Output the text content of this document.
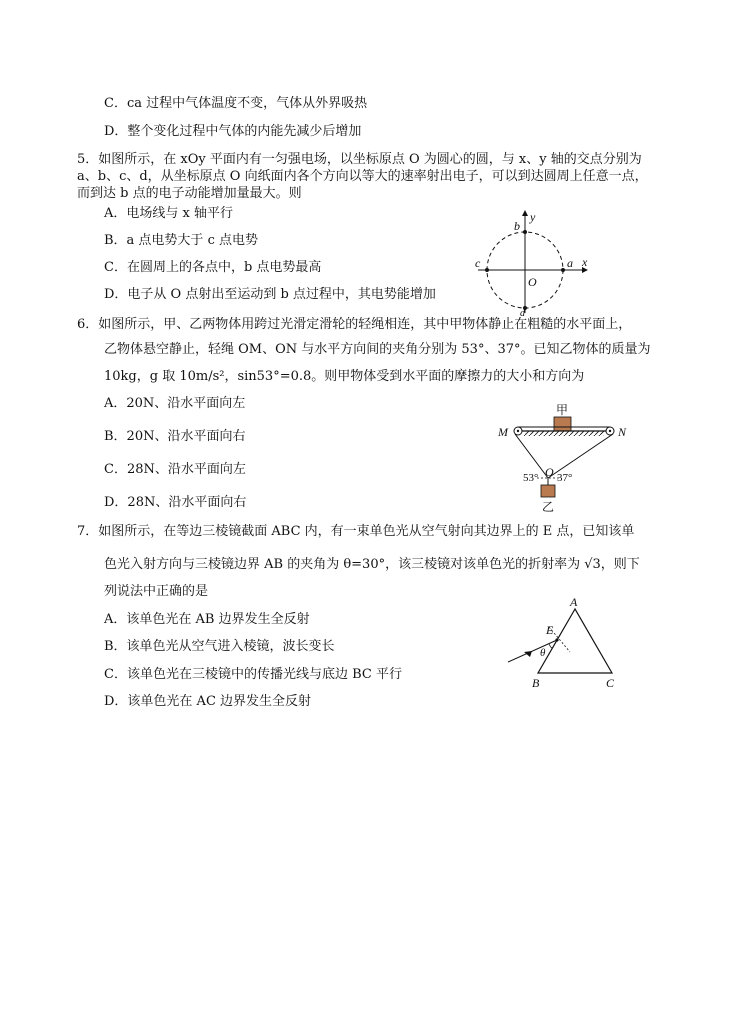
C．ca 过程中气体温度不变，气体从外界吸热
D．整个变化过程中气体的内能先减少后增加
5．如图所示，在 xOy 平面内有一匀强电场，以坐标原点 O 为圆心的圆，与 x、y 轴的交点分别为
a、b、c、d，从坐标原点 O 向纸面内各个方向以等大的速率射出电子，可以到达圆周上任意一点，
而到达 b 点的电子动能增加量最大。则
A．电场线与 x 轴平行
B．a 点电势大于 c 点电势
C．在圆周上的各点中，b 点电势最高
D．电子从 O 点射出至运动到 b 点过程中，其电势能增加
b
y
c	a x
O
d
6．如图所示，甲、乙两物体用跨过光滑定滑轮的轻绳相连，其中甲物体静止在粗糙的水平面上，
乙物体悬空静止，轻绳 OM、ON 与水平方向间的夹角分别为 53°、37°。已知乙物体的质量为
10kg，g 取 10m/s²，sin53°=0.8。则甲物体受到水平面的摩擦力的大小和方向为
A．20N、沿水平面向左
B．20N、沿水平面向右
C．28N、沿水平面向左
D．28N、沿水平面向右
甲
M	N
53° O 37°
乙
7．如图所示，在等边三棱镜截面 ABC 内，有一束单色光从空气射向其边界上的 E 点，已知该单
色光入射方向与三棱镜边界 AB 的夹角为 θ=30°，该三棱镜对该单色光的折射率为 √3，则下
列说法中正确的是
A．该单色光在 AB 边界发生全反射
B．该单色光从空气进入棱镜，波长变长
C．该单色光在三棱镜中的传播光线与底边 BC 平行
D．该单色光在 AC 边界发生全反射
A
B	C
E
θ
